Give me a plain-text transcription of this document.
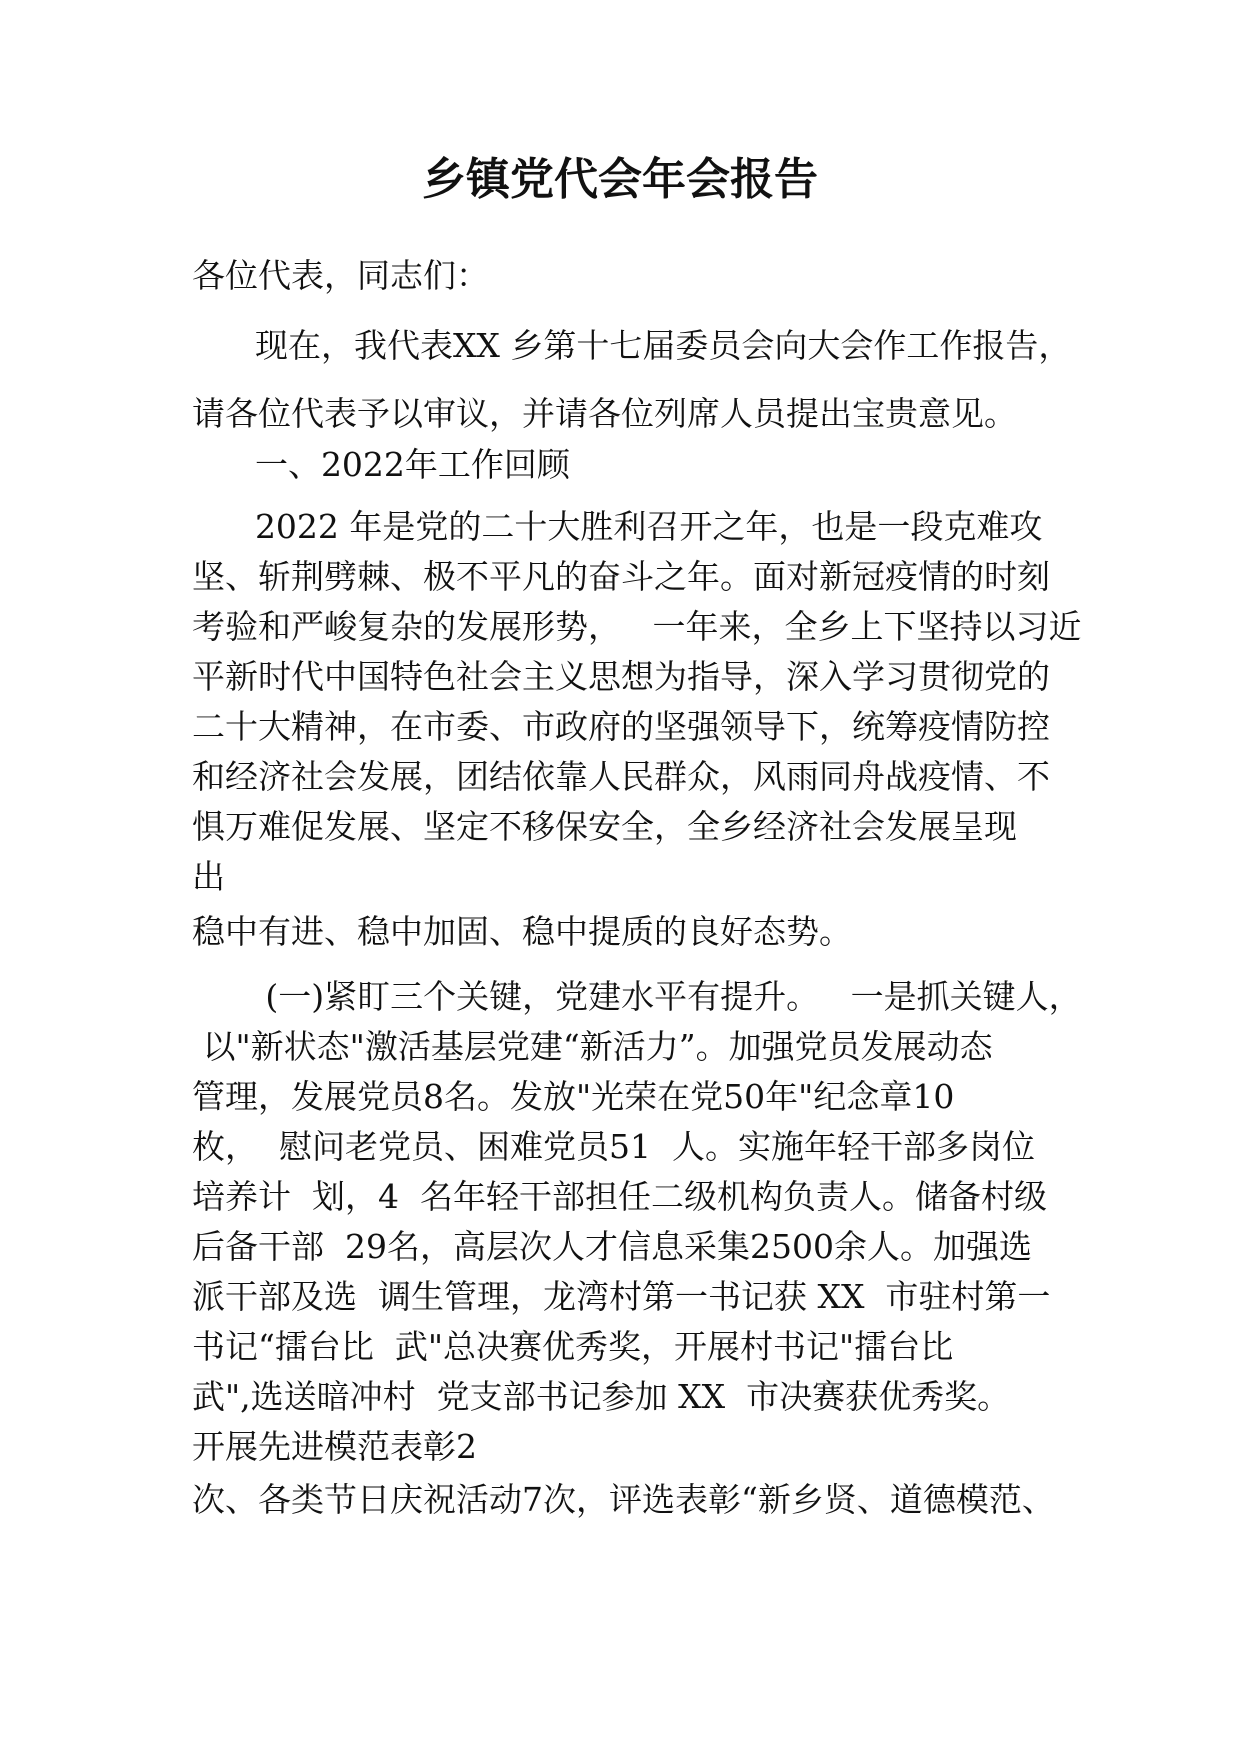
乡镇党代会年会报告

各位代表，同志们：

现在，我代表XX 乡第十七届委员会向大会作工作报告，

请各位代表予以审议，并请各位列席人员提出宝贵意见。

一、2022年工作回顾

2022 年是党的二十大胜利召开之年，也是一段克难攻

坚、斩荆劈棘、极不平凡的奋斗之年。面对新冠疫情的时刻

考验和严峻复杂的发展形势，   一年来，全乡上下坚持以习近

平新时代中国特色社会主义思想为指导，深入学习贯彻党的

二十大精神，在市委、市政府的坚强领导下，统筹疫情防控

和经济社会发展，团结依靠人民群众，风雨同舟战疫情、不

惧万难促发展、坚定不移保安全，全乡经济社会发展呈现

出

稳中有进、稳中加固、稳中提质的良好态势。

(一)紧盯三个关键，党建水平有提升。   一是抓关键人，

以"新状态"激活基层党建“新活力”。加强党员发展动态

管理，发展党员8名。发放"光荣在党50年"纪念章10

枚，  慰问老党员、困难党员51  人。实施年轻干部多岗位

培养计  划，4  名年轻干部担任二级机构负责人。储备村级

后备干部  29名，高层次人才信息采集2500余人。加强选

派干部及选  调生管理，龙湾村第一书记获 XX  市驻村第一

书记“擂台比  武"总决赛优秀奖，开展村书记"擂台比

武",选送暗冲村  党支部书记参加 XX  市决赛获优秀奖。

开展先进模范表彰2

次、各类节日庆祝活动7次，评选表彰“新乡贤、道德模范、
